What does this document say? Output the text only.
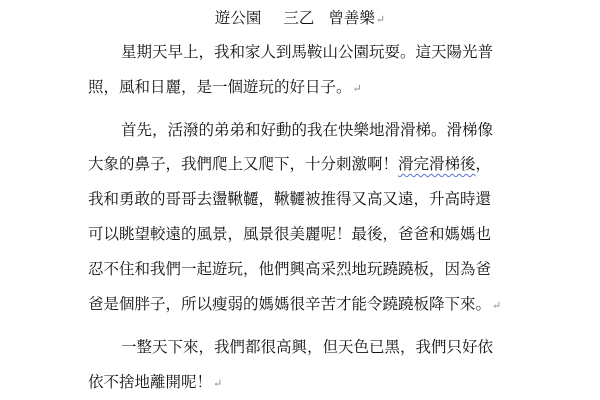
遊公園 三乙 曾善樂↵
星期天早上，我和家人到馬鞍山公園玩耍。這天陽光普
照，風和日麗，是一個遊玩的好日子。↵
首先，活潑的弟弟和好動的我在快樂地滑滑梯。滑梯像
大象的鼻子，我們爬上又爬下，十分刺激啊！滑完滑梯後，
我和勇敢的哥哥去盪鞦韆，鞦韆被推得又高又遠，升高時還
可以眺望較遠的風景，風景很美麗呢！最後，爸爸和媽媽也
忍不住和我們一起遊玩，他們興高采烈地玩蹺蹺板，因為爸
爸是個胖子，所以瘦弱的媽媽很辛苦才能令蹺蹺板降下來。↵
一整天下來，我們都很高興，但天色已黑，我們只好依
依不捨地離開呢！↵
